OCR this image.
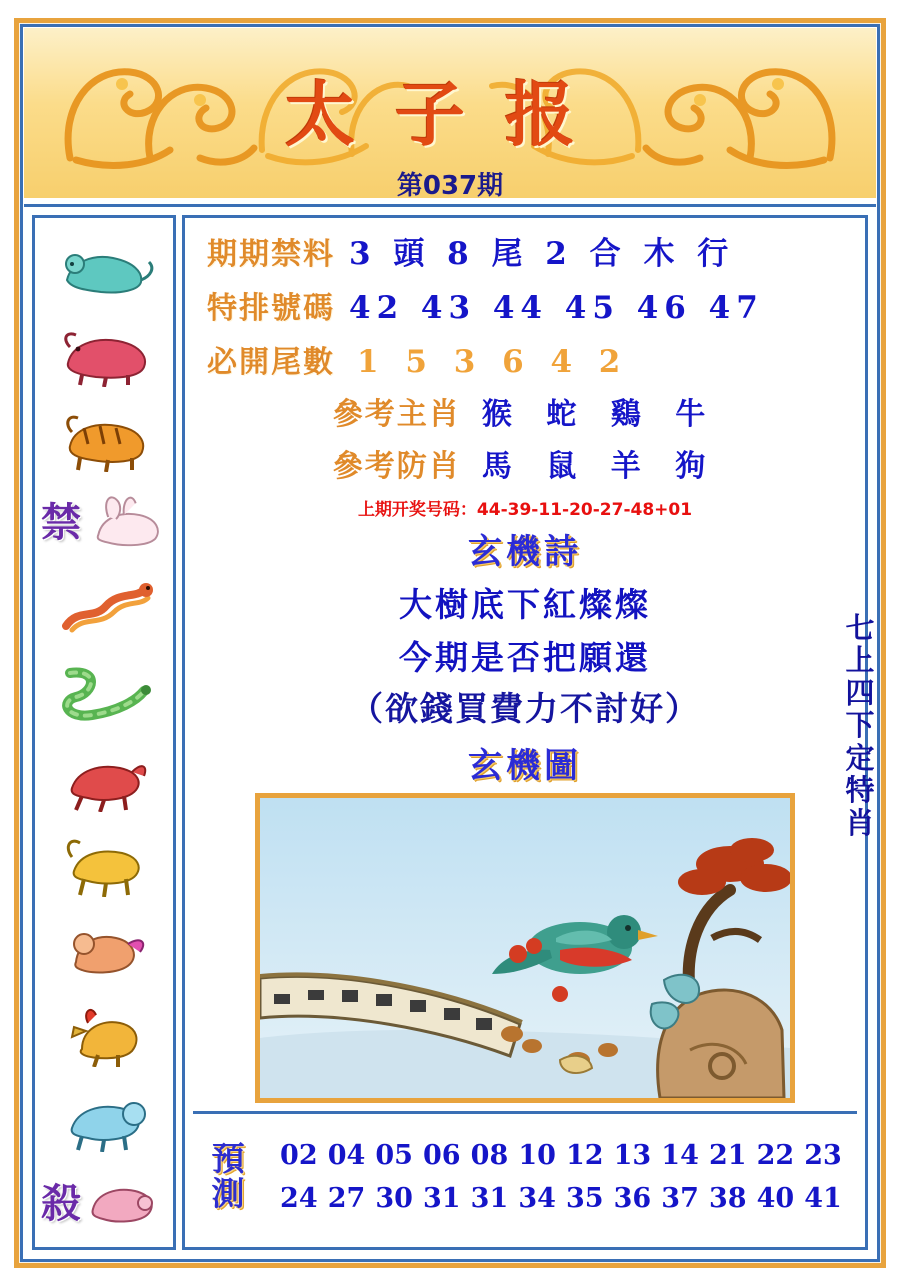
太子报
第037期
禁
殺
期期禁料 3 頭 8 尾 2 合 木 行
特排號碼 42 43 44 45 46 47
必開尾數 1 5 3 6 4 2
參考主肖 猴 蛇 鷄 牛
參考防肖 馬 鼠 羊 狗
上期开奖号码：44-39-11-20-27-48+01
玄機詩
大樹底下紅燦燦
今期是否把願還
（欲錢買費力不討好）
玄機圖
預
測
02 04 05 06 08 10 12 13 14 21 22 23
24 27 30 31 31 34 35 36 37 38 40 41
七上四下定特肖
